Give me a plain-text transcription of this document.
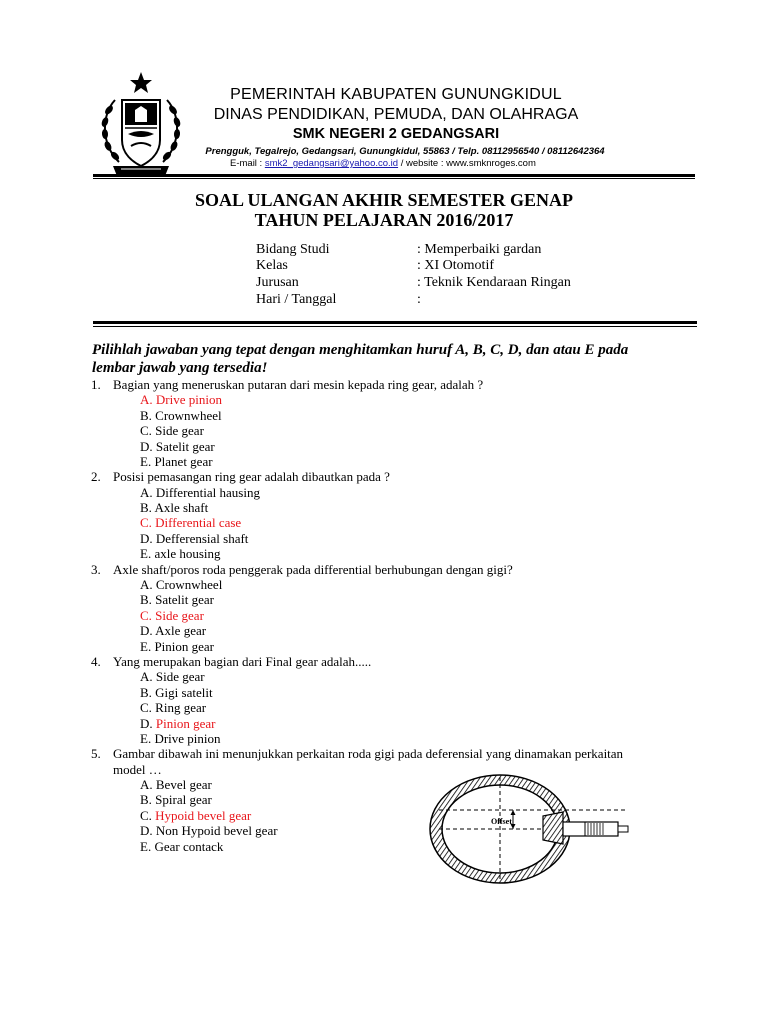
PEMERINTAH KABUPATEN GUNUNGKIDUL
DINAS PENDIDIKAN, PEMUDA, DAN OLAHRAGA
SMK NEGERI 2 GEDANGSARI
Prengguk, Tegalrejo, Gedangsari, Gunungkidul, 55863 / Telp. 08112956540 / 08112642364
E-mail : smk2_gedangsari@yahoo.co.id / website : www.smknroges.com
SOAL ULANGAN AKHIR SEMESTER GENAP
TAHUN PELAJARAN 2016/2017
Bidang Studi	: Memperbaiki gardan
Kelas	: XI Otomotif
Jurusan	: Teknik Kendaraan Ringan
Hari / Tanggal	:
Pilihlah jawaban yang tepat dengan menghitamkan huruf A, B, C, D, dan atau E pada lembar jawab yang tersedia!
1. Bagian yang meneruskan putaran dari mesin kepada ring gear, adalah ?
A. Drive pinion
B. Crownwheel
C. Side gear
D. Satelit gear
E. Planet gear
2. Posisi pemasangan ring gear adalah dibautkan pada ?
A. Differential hausing
B. Axle shaft
C. Differential case
D. Defferensial shaft
E. axle housing
3. Axle shaft/poros roda penggerak pada differential berhubungan dengan gigi?
A. Crownwheel
B. Satelit gear
C. Side gear
D. Axle gear
E. Pinion gear
4. Yang merupakan bagian dari Final gear adalah.....
A. Side gear
B. Gigi satelit
C. Ring gear
D. Pinion gear
E. Drive pinion
5. Gambar dibawah ini menunjukkan perkaitan roda gigi pada deferensial yang dinamakan perkaitan
model …
A. Bevel gear
B. Spiral gear
C. Hypoid bevel gear
D. Non Hypoid bevel gear
E. Gear contack
Offset
